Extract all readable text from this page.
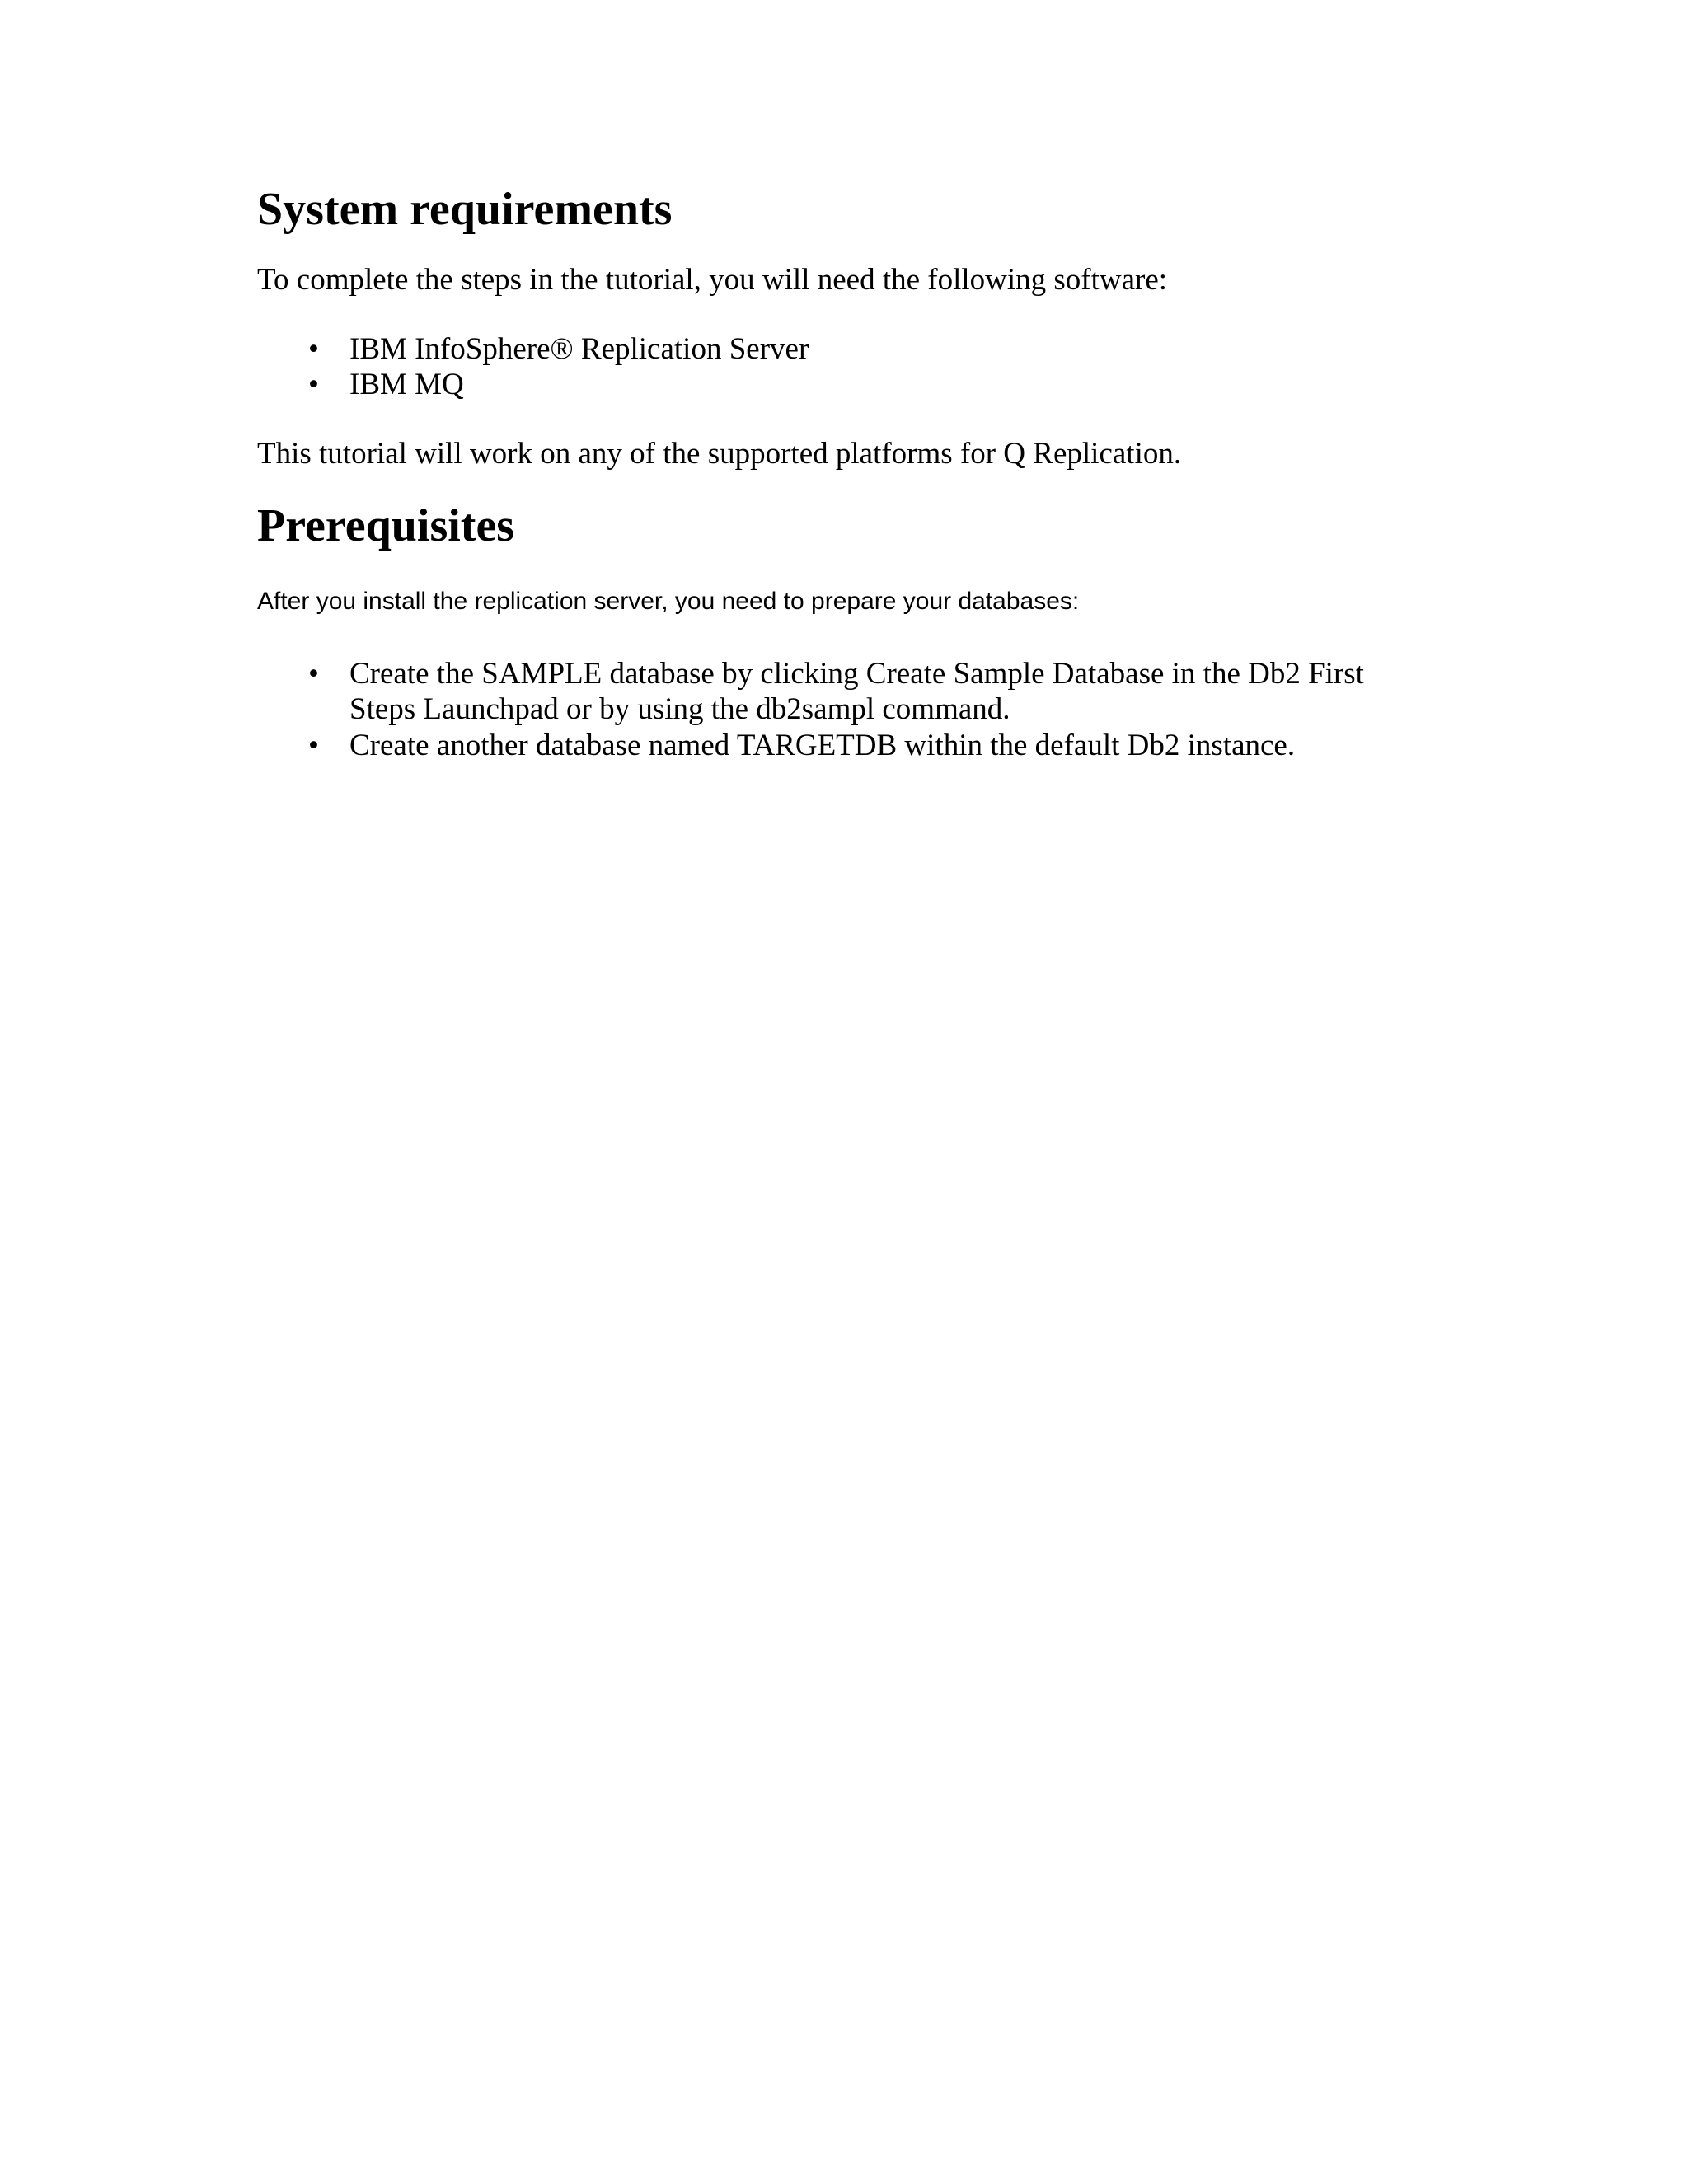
System requirements

To complete the steps in the tutorial, you will need the following software:

• IBM InfoSphere® Replication Server
• IBM MQ

This tutorial will work on any of the supported platforms for Q Replication.

Prerequisites

After you install the replication server, you need to prepare your databases:

• Create the SAMPLE database by clicking Create Sample Database in the Db2 First Steps Launchpad or by using the db2sampl command.
• Create another database named TARGETDB within the default Db2 instance.
